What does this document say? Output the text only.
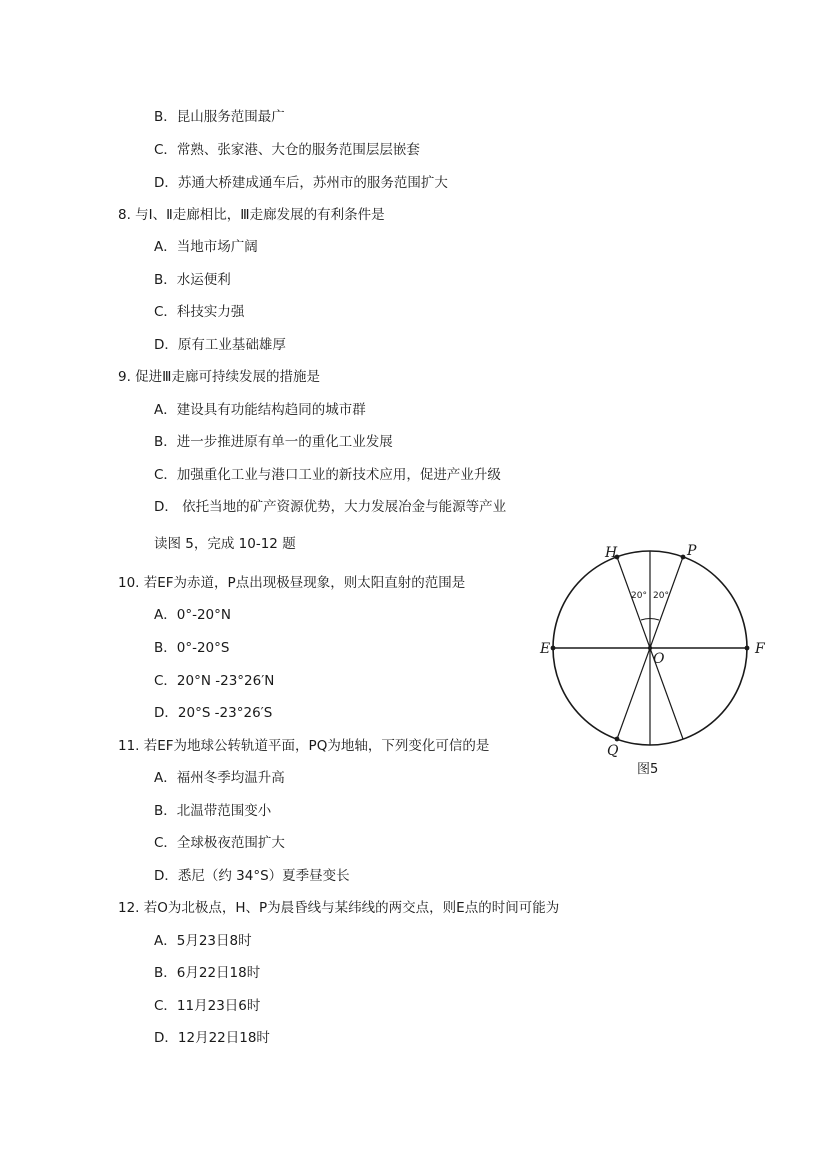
B．昆山服务范围最广
C．常熟、张家港、大仓的服务范围层层嵌套
D．苏通大桥建成通车后，苏州市的服务范围扩大
8. 与Ⅰ、Ⅱ走廊相比，Ⅲ走廊发展的有利条件是
A．当地市场广阔
B．水运便利
C．科技实力强
D．原有工业基础雄厚
9. 促进Ⅲ走廊可持续发展的措施是
A．建设具有功能结构趋同的城市群
B．进一步推进原有单一的重化工业发展
C．加强重化工业与港口工业的新技术应用，促进产业升级
D． 依托当地的矿产资源优势，大力发展冶金与能源等产业
读图 5，完成 10-12 题
10. 若EF为赤道，P点出现极昼现象，则太阳直射的范围是
A．0°-20°N
B．0°-20°S
C．20°N -23°26′N
D．20°S -23°26′S
11. 若EF为地球公转轨道平面，PQ为地轴，下列变化可信的是
A．福州冬季均温升高
B．北温带范围变小
C．全球极夜范围扩大
D．悉尼（约 34°S）夏季昼变长
12. 若O为北极点，H、P为晨昏线与某纬线的两交点，则E点的时间可能为
A．5月23日8时
B．6月22日18时
C．11月23日6时
D．12月22日18时
H	P
E	F
O
Q
20° 20°
图5
